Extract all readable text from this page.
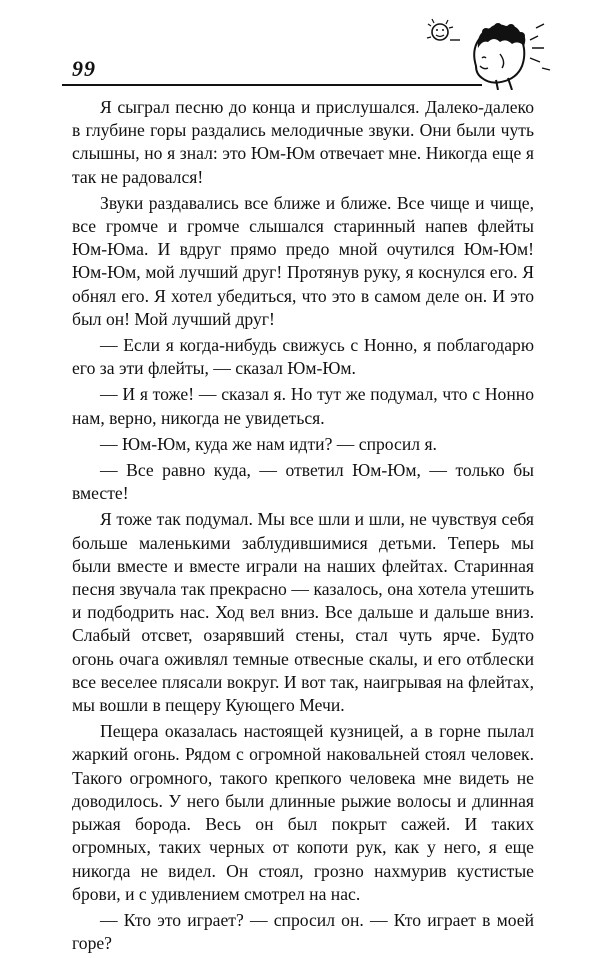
99

Я сыграл песню до конца и прислушался. Далеко-далеко в глубине горы раздались мелодичные звуки. Они были чуть слышны, но я знал: это Юм-Юм отвечает мне. Никогда еще я так не радовался!

Звуки раздавались все ближе и ближе. Все чище и чище, все громче и громче слышался старинный напев флейты Юм-Юма. И вдруг прямо предо мной очутился Юм-Юм! Юм-Юм, мой лучший друг! Протянув руку, я коснулся его. Я обнял его. Я хотел убедиться, что это в самом деле он. И это был он! Мой лучший друг!

— Если я когда-нибудь свижусь с Нонно, я поблагодарю его за эти флейты, — сказал Юм-Юм.

— И я тоже! — сказал я. Но тут же подумал, что с Нонно нам, верно, никогда не увидеться.

— Юм-Юм, куда же нам идти? — спросил я.

— Все равно куда, — ответил Юм-Юм, — только бы вместе!

Я тоже так подумал. Мы все шли и шли, не чувствуя себя больше маленькими заблудившимися детьми. Теперь мы были вместе и вместе играли на наших флейтах. Старинная песня звучала так прекрасно — казалось, она хотела утешить и подбодрить нас. Ход вел вниз. Все дальше и дальше вниз. Слабый отсвет, озарявший стены, стал чуть ярче. Будто огонь очага оживлял темные отвесные скалы, и его отблески все веселее плясали вокруг. И вот так, наигрывая на флейтах, мы вошли в пещеру Кующего Мечи.

Пещера оказалась настоящей кузницей, а в горне пылал жаркий огонь. Рядом с огромной наковальней стоял человек. Такого огромного, такого крепкого человека мне видеть не доводилось. У него были длинные рыжие волосы и длинная рыжая борода. Весь он был покрыт сажей. И таких огромных, таких черных от копоти рук, как у него, я еще никогда не видел. Он стоял, грозно нахмурив кустистые брови, и с удивлением смотрел на нас.

— Кто это играет? — спросил он. — Кто играет в моей горе?
